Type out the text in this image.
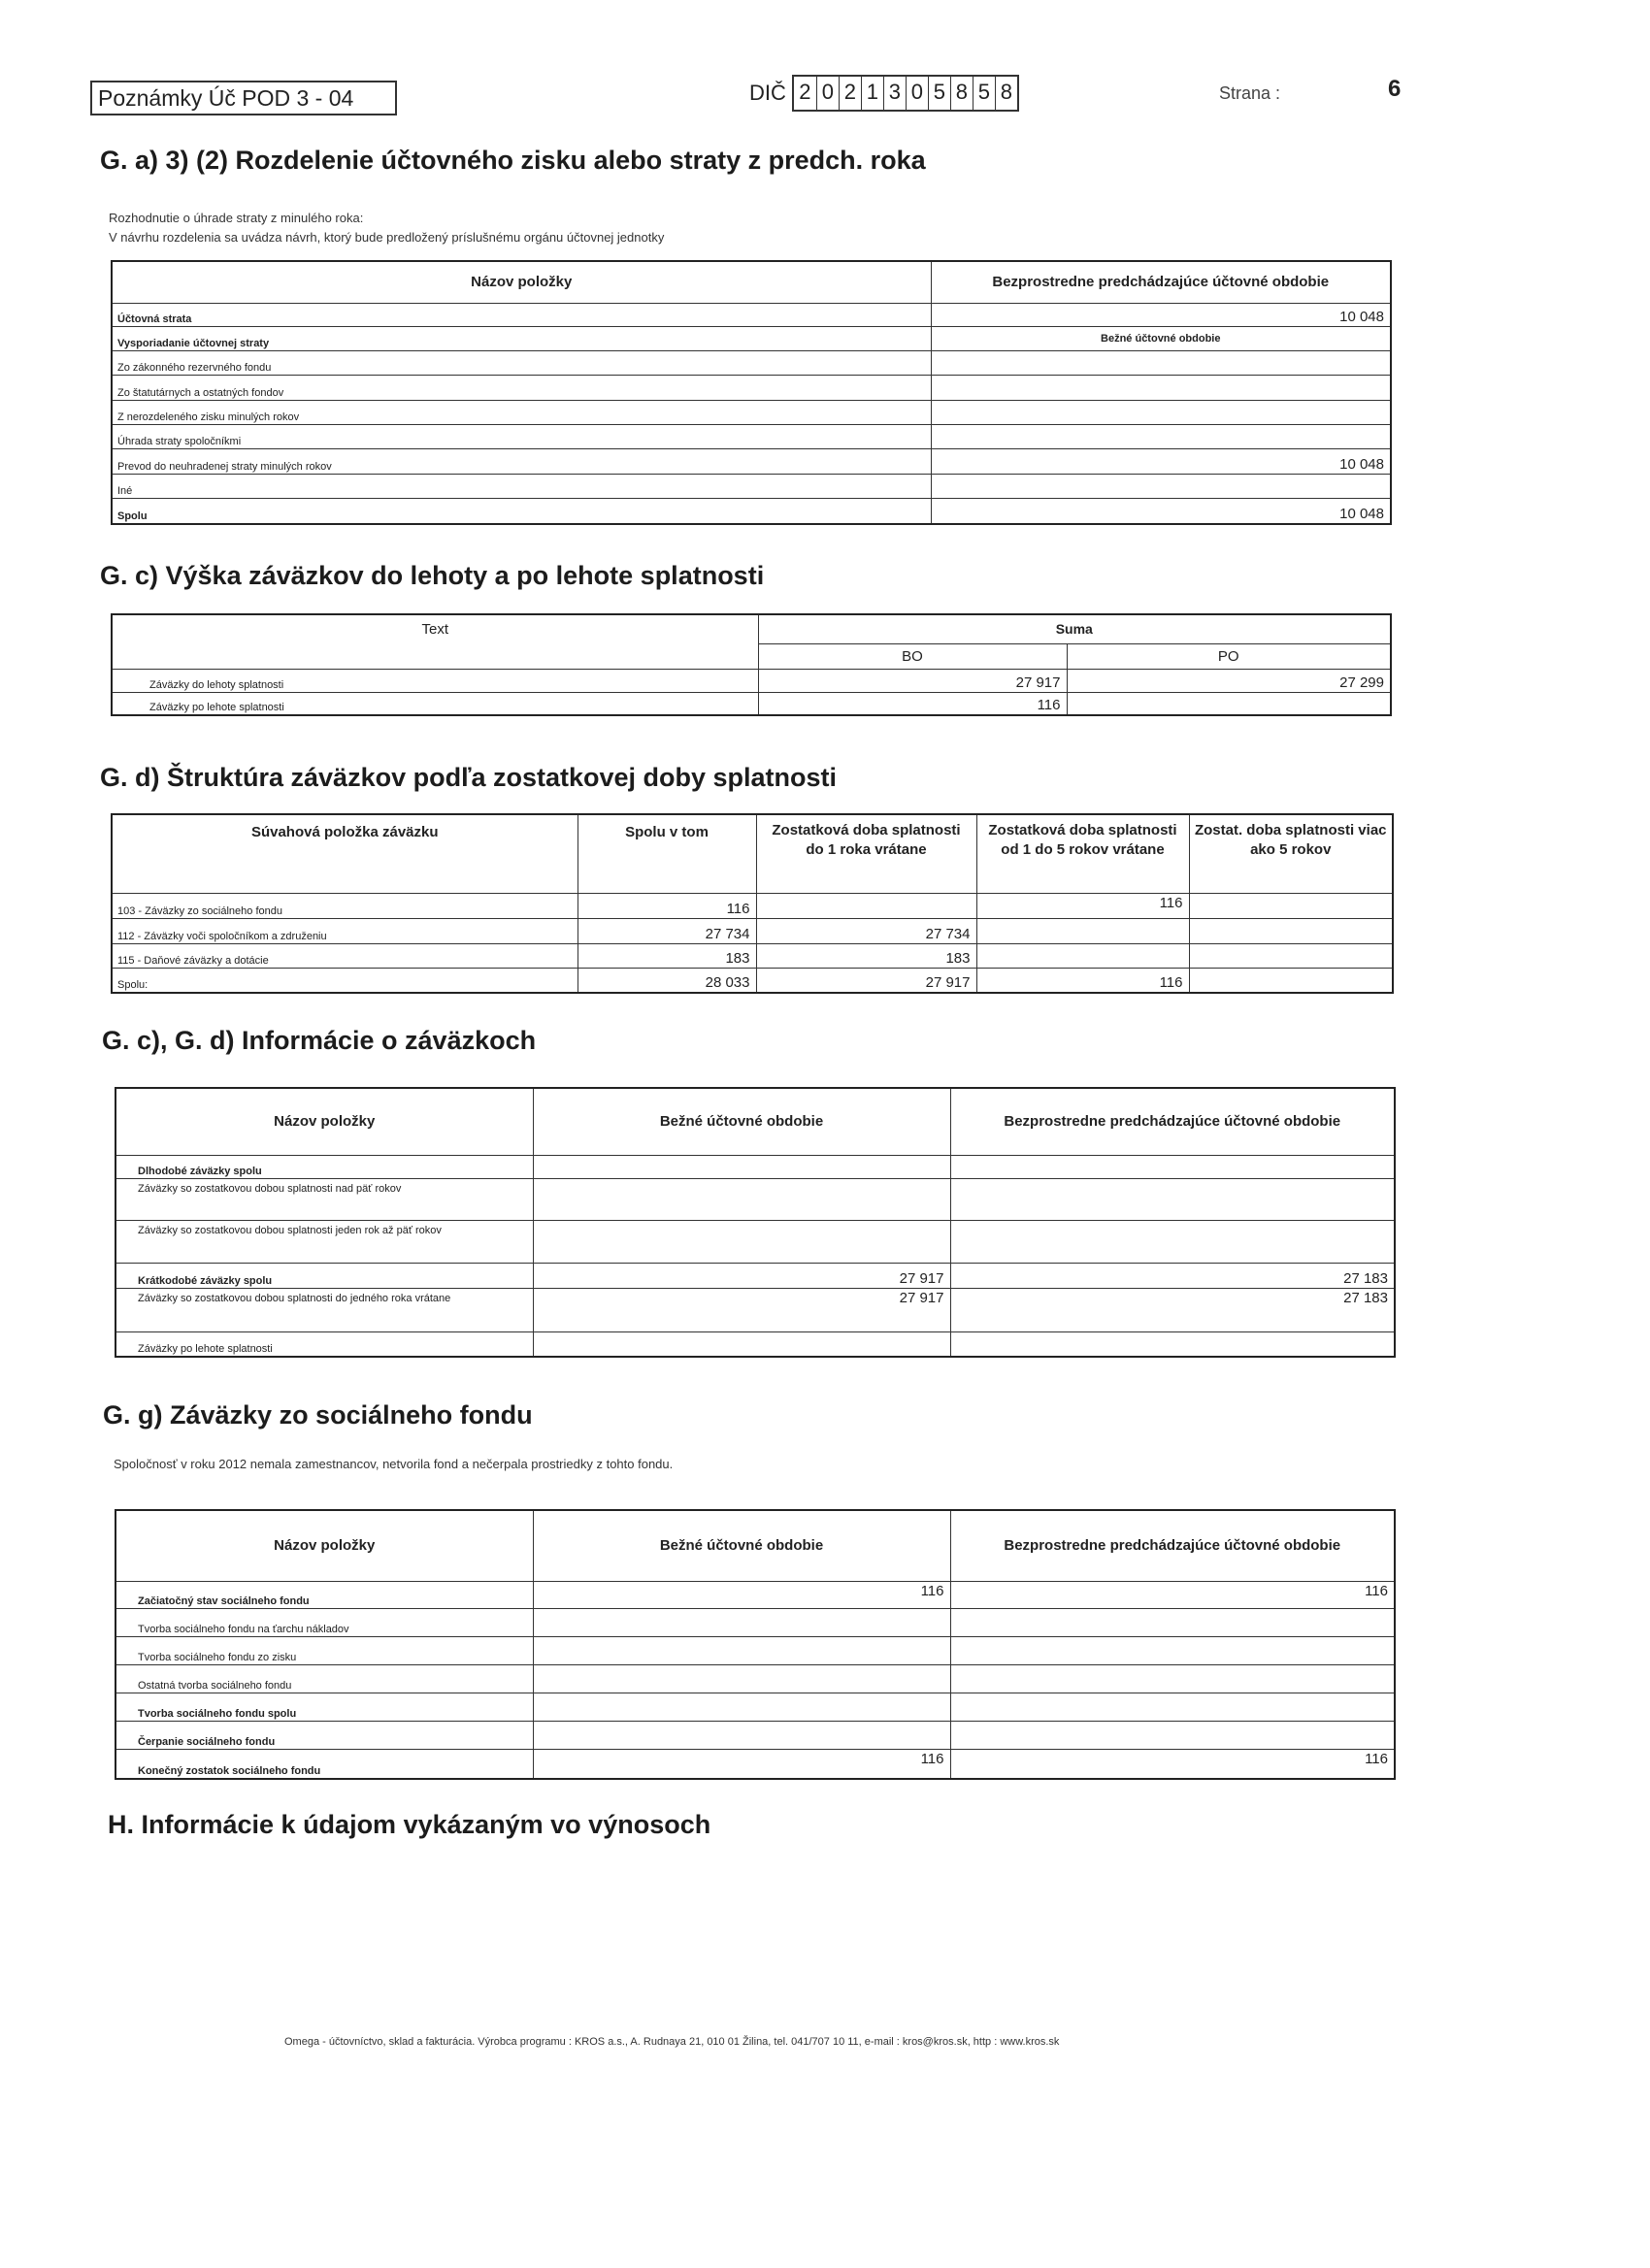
Poznámky Úč POD 3 - 04	DIČ 2 0 2 1 3 0 5 8 5 8	Strana :	6
G. a) 3) (2) Rozdelenie účtovného zisku alebo straty z predch. roka
Rozhodnutie o úhrade straty z minulého roka:
V návrhu rozdelenia sa uvádza návrh, ktorý bude predložený príslušnému orgánu účtovnej jednotky
Názov položky	Bezprostredne predchádzajúce účtovné obdobie
Účtovná strata	10 048
Vysporiadanie účtovnej straty	Bežné účtovné obdobie
Zo zákonného rezervného fondu	
Zo štatutárnych a ostatných fondov	
Z nerozdeleného zisku minulých rokov	
Úhrada straty spoločníkmi	
Prevod do neuhradenej straty minulých rokov	10 048
Iné	
Spolu	10 048
G. c) Výška záväzkov do lehoty a po lehote splatnosti
Text	Suma	
	BO	PO
Záväzky do lehoty splatnosti	27 917	27 299
Záväzky po lehote splatnosti	116	
G. d) Štruktúra záväzkov podľa zostatkovej doby splatnosti
Súvahová položka záväzku	Spolu v tom	Zostatková doba splatnosti do 1 roka vrátane	Zostatková doba splatnosti od 1 do 5 rokov vrátane	Zostat. doba splatnosti viac ako 5 rokov
103 - Záväzky zo sociálneho fondu	116		116	
112 - Záväzky voči spoločníkom a združeniu	27 734	27 734		
115 - Daňové záväzky a dotácie	183	183		
Spolu:	28 033	27 917	116	
G. c), G. d) Informácie o záväzkoch
Názov položky	Bežné účtovné obdobie	Bezprostredne predchádzajúce účtovné obdobie
Dlhodobé záväzky spolu		
Záväzky so zostatkovou dobou splatnosti nad päť rokov		
Záväzky so zostatkovou dobou splatnosti jeden rok až päť rokov		
Krátkodobé záväzky spolu	27 917	27 183
Záväzky so zostatkovou dobou splatnosti do jedného roka vrátane	27 917	27 183
Záväzky po lehote splatnosti		
G. g) Záväzky zo sociálneho fondu
Spoločnosť v roku 2012 nemala zamestnancov, netvorila fond a nečerpala prostriedky z tohto fondu.
Názov položky	Bežné účtovné obdobie	Bezprostredne predchádzajúce účtovné obdobie
Začiatočný stav sociálneho fondu	116	116
Tvorba sociálneho fondu na ťarchu nákladov		
Tvorba sociálneho fondu zo zisku		
Ostatná tvorba sociálneho fondu		
Tvorba sociálneho fondu spolu		
Čerpanie sociálneho fondu		
Konečný zostatok sociálneho fondu	116	116
H. Informácie k údajom vykázaným vo výnosoch
Omega - účtovníctvo, sklad a fakturácia. Výrobca programu : KROS a.s., A. Rudnaya 21, 010 01 Žilina, tel. 041/707 10 11, e-mail : kros@kros.sk, http : www.kros.sk
